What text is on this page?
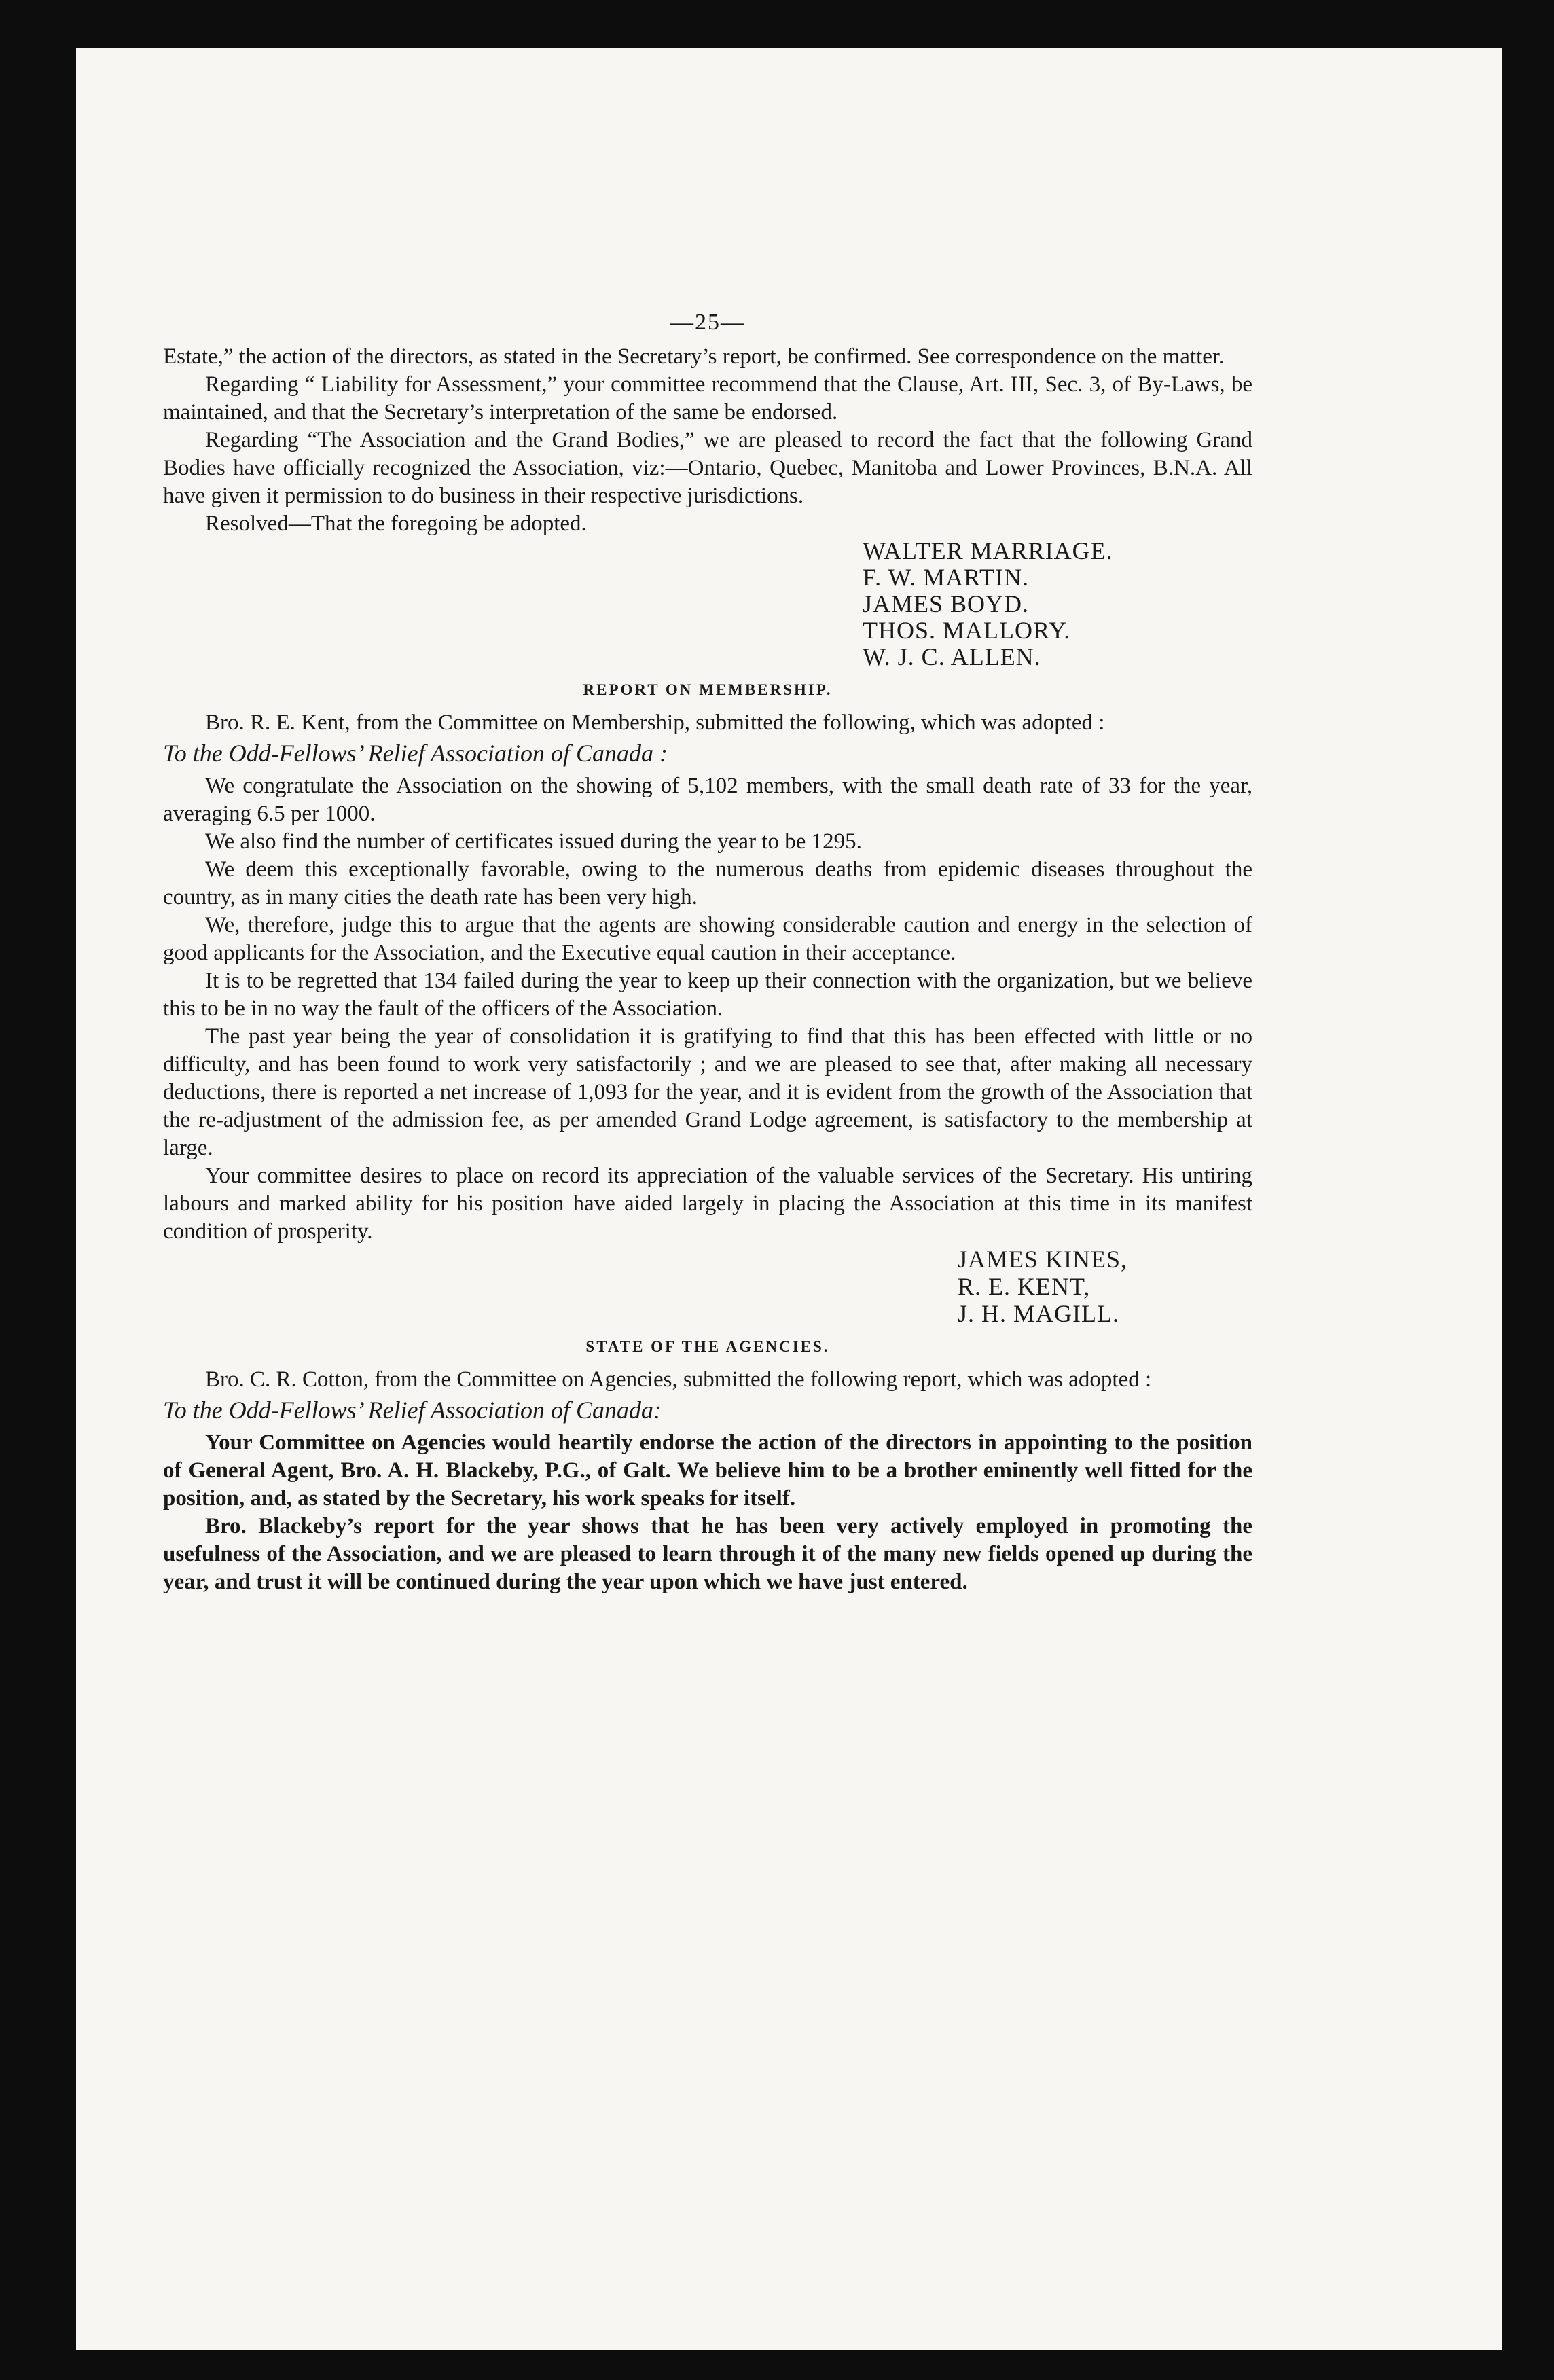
—25—

Estate,” the action of the directors, as stated in the Secretary’s report, be confirmed. See correspondence on the matter.

Regarding “ Liability for Assessment,” your committee recommend that the Clause, Art. III, Sec. 3, of By-Laws, be maintained, and that the Secretary’s interpretation of the same be endorsed.

Regarding “The Association and the Grand Bodies,” we are pleased to record the fact that the following Grand Bodies have officially recognized the Association, viz:—Ontario, Quebec, Manitoba and Lower Provinces, B.N.A. All have given it permission to do business in their respective jurisdictions.

Resolved—That the foregoing be adopted.

WALTER MARRIAGE.
F. W. MARTIN.
JAMES BOYD.
THOS. MALLORY.
W. J. C. ALLEN.
REPORT ON MEMBERSHIP.

Bro. R. E. Kent, from the Committee on Membership, submitted the following, which was adopted :

To the Odd-Fellows’ Relief Association of Canada :

We congratulate the Association on the showing of 5,102 members, with the small death rate of 33 for the year, averaging 6.5 per 1000.

We also find the number of certificates issued during the year to be 1295.

We deem this exceptionally favorable, owing to the numerous deaths from epidemic diseases throughout the country, as in many cities the death rate has been very high.

We, therefore, judge this to argue that the agents are showing considerable caution and energy in the selection of good applicants for the Association, and the Executive equal caution in their acceptance.

It is to be regretted that 134 failed during the year to keep up their connection with the organization, but we believe this to be in no way the fault of the officers of the Association.

The past year being the year of consolidation it is gratifying to find that this has been effected with little or no difficulty, and has been found to work very satisfactorily ; and we are pleased to see that, after making all necessary deductions, there is reported a net increase of 1,093 for the year, and it is evident from the growth of the Association that the re-adjustment of the admission fee, as per amended Grand Lodge agreement, is satisfactory to the membership at large.

Your committee desires to place on record its appreciation of the valuable services of the Secretary. His untiring labours and marked ability for his position have aided largely in placing the Association at this time in its manifest condition of prosperity.

JAMES KINES,
R. E. KENT,
J. H. MAGILL.
STATE OF THE AGENCIES.

Bro. C. R. Cotton, from the Committee on Agencies, submitted the following report, which was adopted :

To the Odd-Fellows’ Relief Association of Canada:

Your Committee on Agencies would heartily endorse the action of the directors in appointing to the position of General Agent, Bro. A. H. Blackeby, P.G., of Galt. We believe him to be a brother eminently well fitted for the position, and, as stated by the Secretary, his work speaks for itself.

Bro. Blackeby’s report for the year shows that he has been very actively employed in promoting the usefulness of the Association, and we are pleased to learn through it of the many new fields opened up during the year, and trust it will be continued during the year upon which we have just entered.
